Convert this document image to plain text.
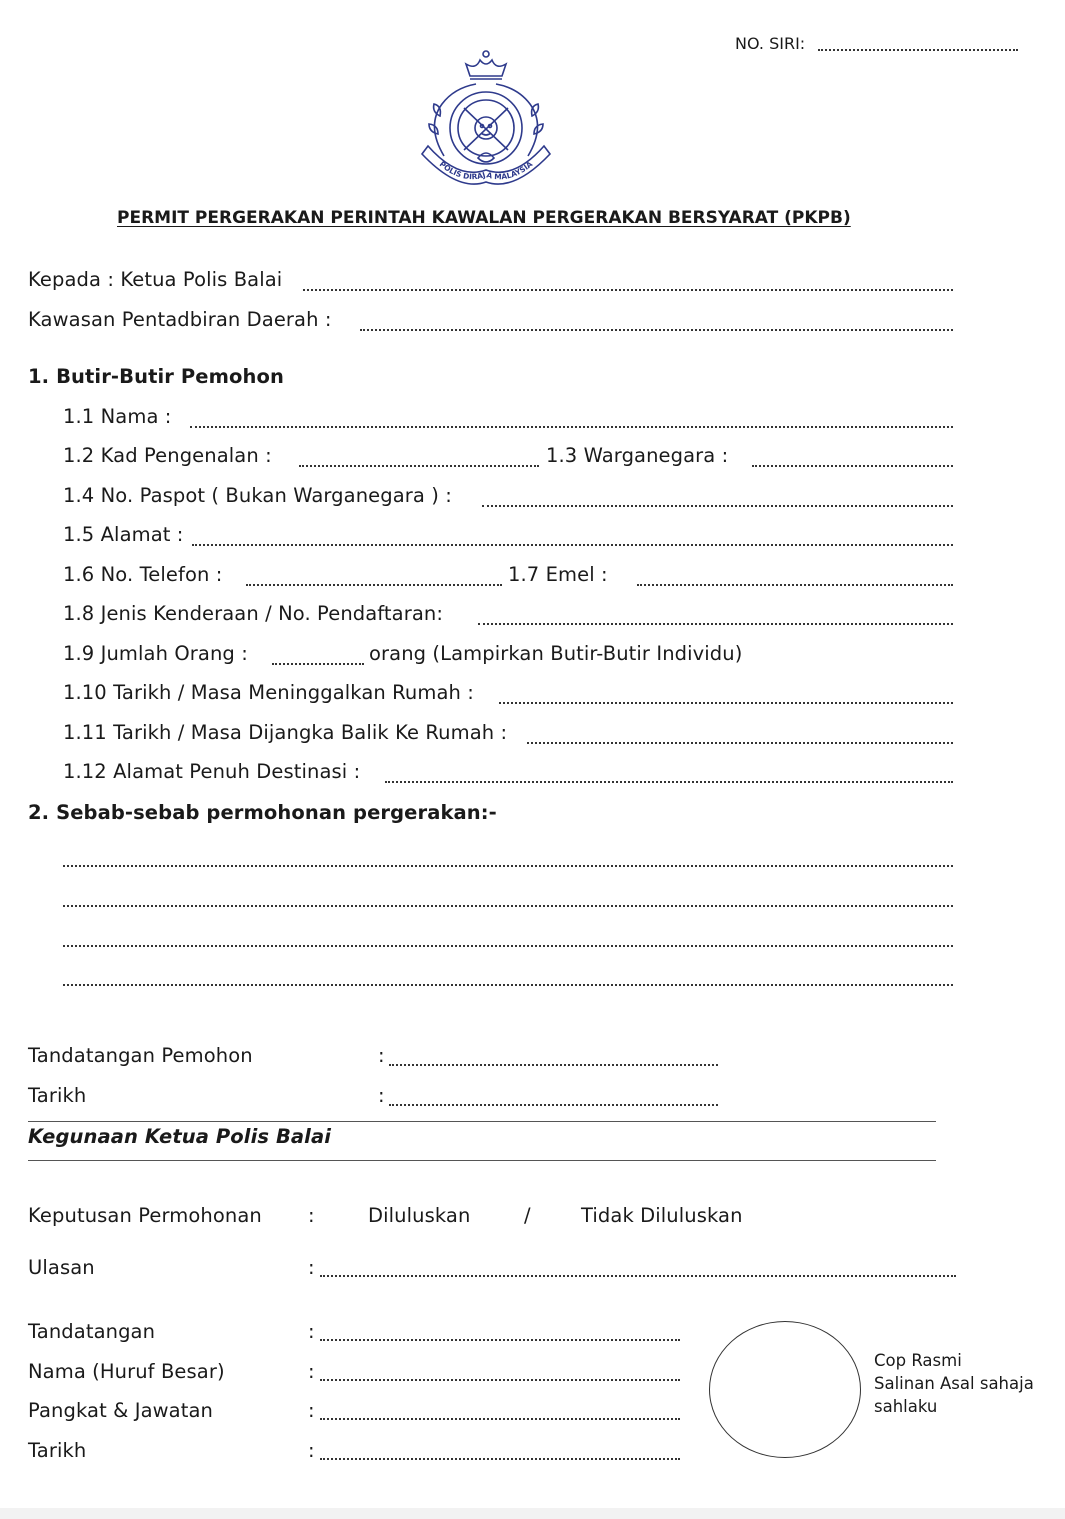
NO. SIRI:
POLIS DIRAJA MALAYSIA
PERMIT PERGERAKAN PERINTAH KAWALAN PERGERAKAN BERSYARAT (PKPB)
Kepada : Ketua Polis Balai
Kawasan Pentadbiran Daerah :
1. Butir-Butir Pemohon
1.1 Nama :
1.2 Kad Pengenalan :	1.3 Warganegara :
1.4 No. Paspot ( Bukan Warganegara ) :
1.5 Alamat :
1.6 No. Telefon :	1.7 Emel :
1.8 Jenis Kenderaan / No. Pendaftaran:
1.9 Jumlah Orang :	orang (Lampirkan Butir-Butir Individu)
1.10 Tarikh / Masa Meninggalkan Rumah :
1.11 Tarikh / Masa Dijangka Balik Ke Rumah :
1.12 Alamat Penuh Destinasi :
2. Sebab-sebab permohonan pergerakan:-
Tandatangan Pemohon	:
Tarikh	:
Kegunaan Ketua Polis Balai
Keputusan Permohonan :	Diluluskan	/	Tidak Diluluskan
Ulasan	:
Tandatangan	:
Nama (Huruf Besar)	:
Pangkat & Jawatan	:
Tarikh	:
Cop Rasmi
Salinan Asal sahaja
sahlaku
